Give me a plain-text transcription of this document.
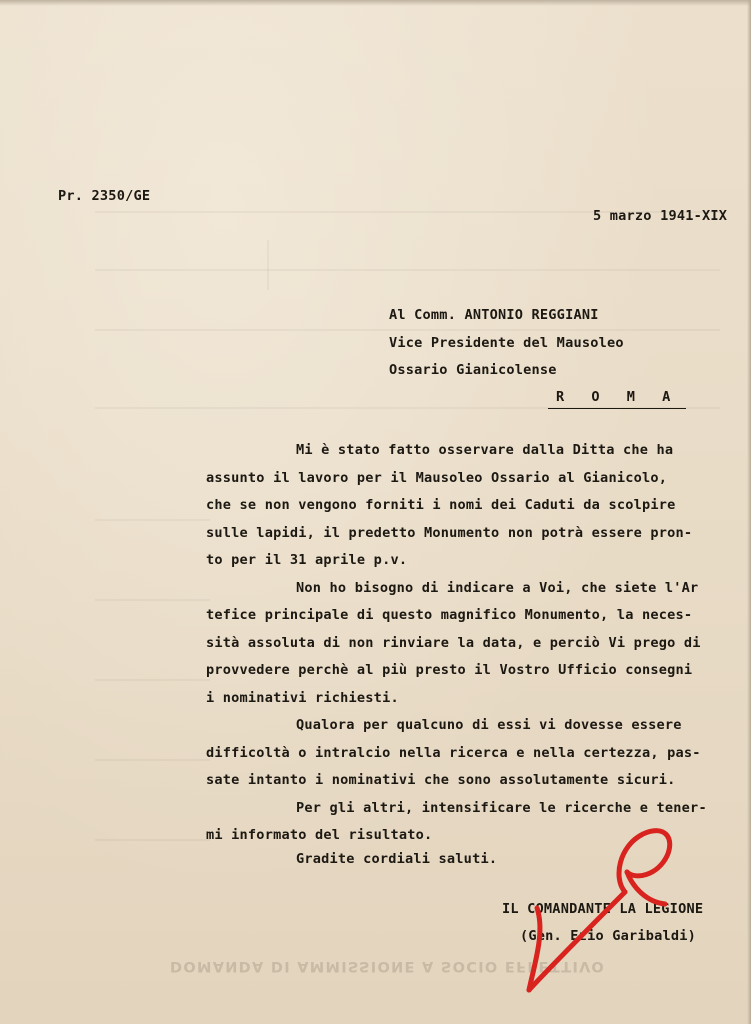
Pr. 2350/GE
5 marzo 1941-XIX
Al Comm. ANTONIO REGGIANI
Vice Presidente del Mausoleo
Ossario Gianicolense
R O M A
Mi è stato fatto osservare dalla Ditta che ha
assunto il lavoro per il Mausoleo Ossario al Gianicolo,
che se non vengono forniti i nomi dei Caduti da scolpire
sulle lapidi, il predetto Monumento non potrà essere pron-
to per il 31 aprile p.v.
Non ho bisogno di indicare a Voi, che siete l'Ar
tefice principale di questo magnifico Monumento, la neces-
sità assoluta di non rinviare la data, e perciò Vi prego di
provvedere perchè al più presto il Vostro Ufficio consegni
i nominativi richiesti.
Qualora per qualcuno di essi vi dovesse essere
difficoltà o intralcio nella ricerca e nella certezza, pas-
sate intanto i nominativi che sono assolutamente sicuri.
Per gli altri, intensificare le ricerche e tener-
mi informato del risultato.
Gradite cordiali saluti.
IL COMANDANTE LA LEGIONE
(Gen. Ezio Garibaldi)
DOMANDA DI AMMISSIONE A SOCIO EFFETTIVO
